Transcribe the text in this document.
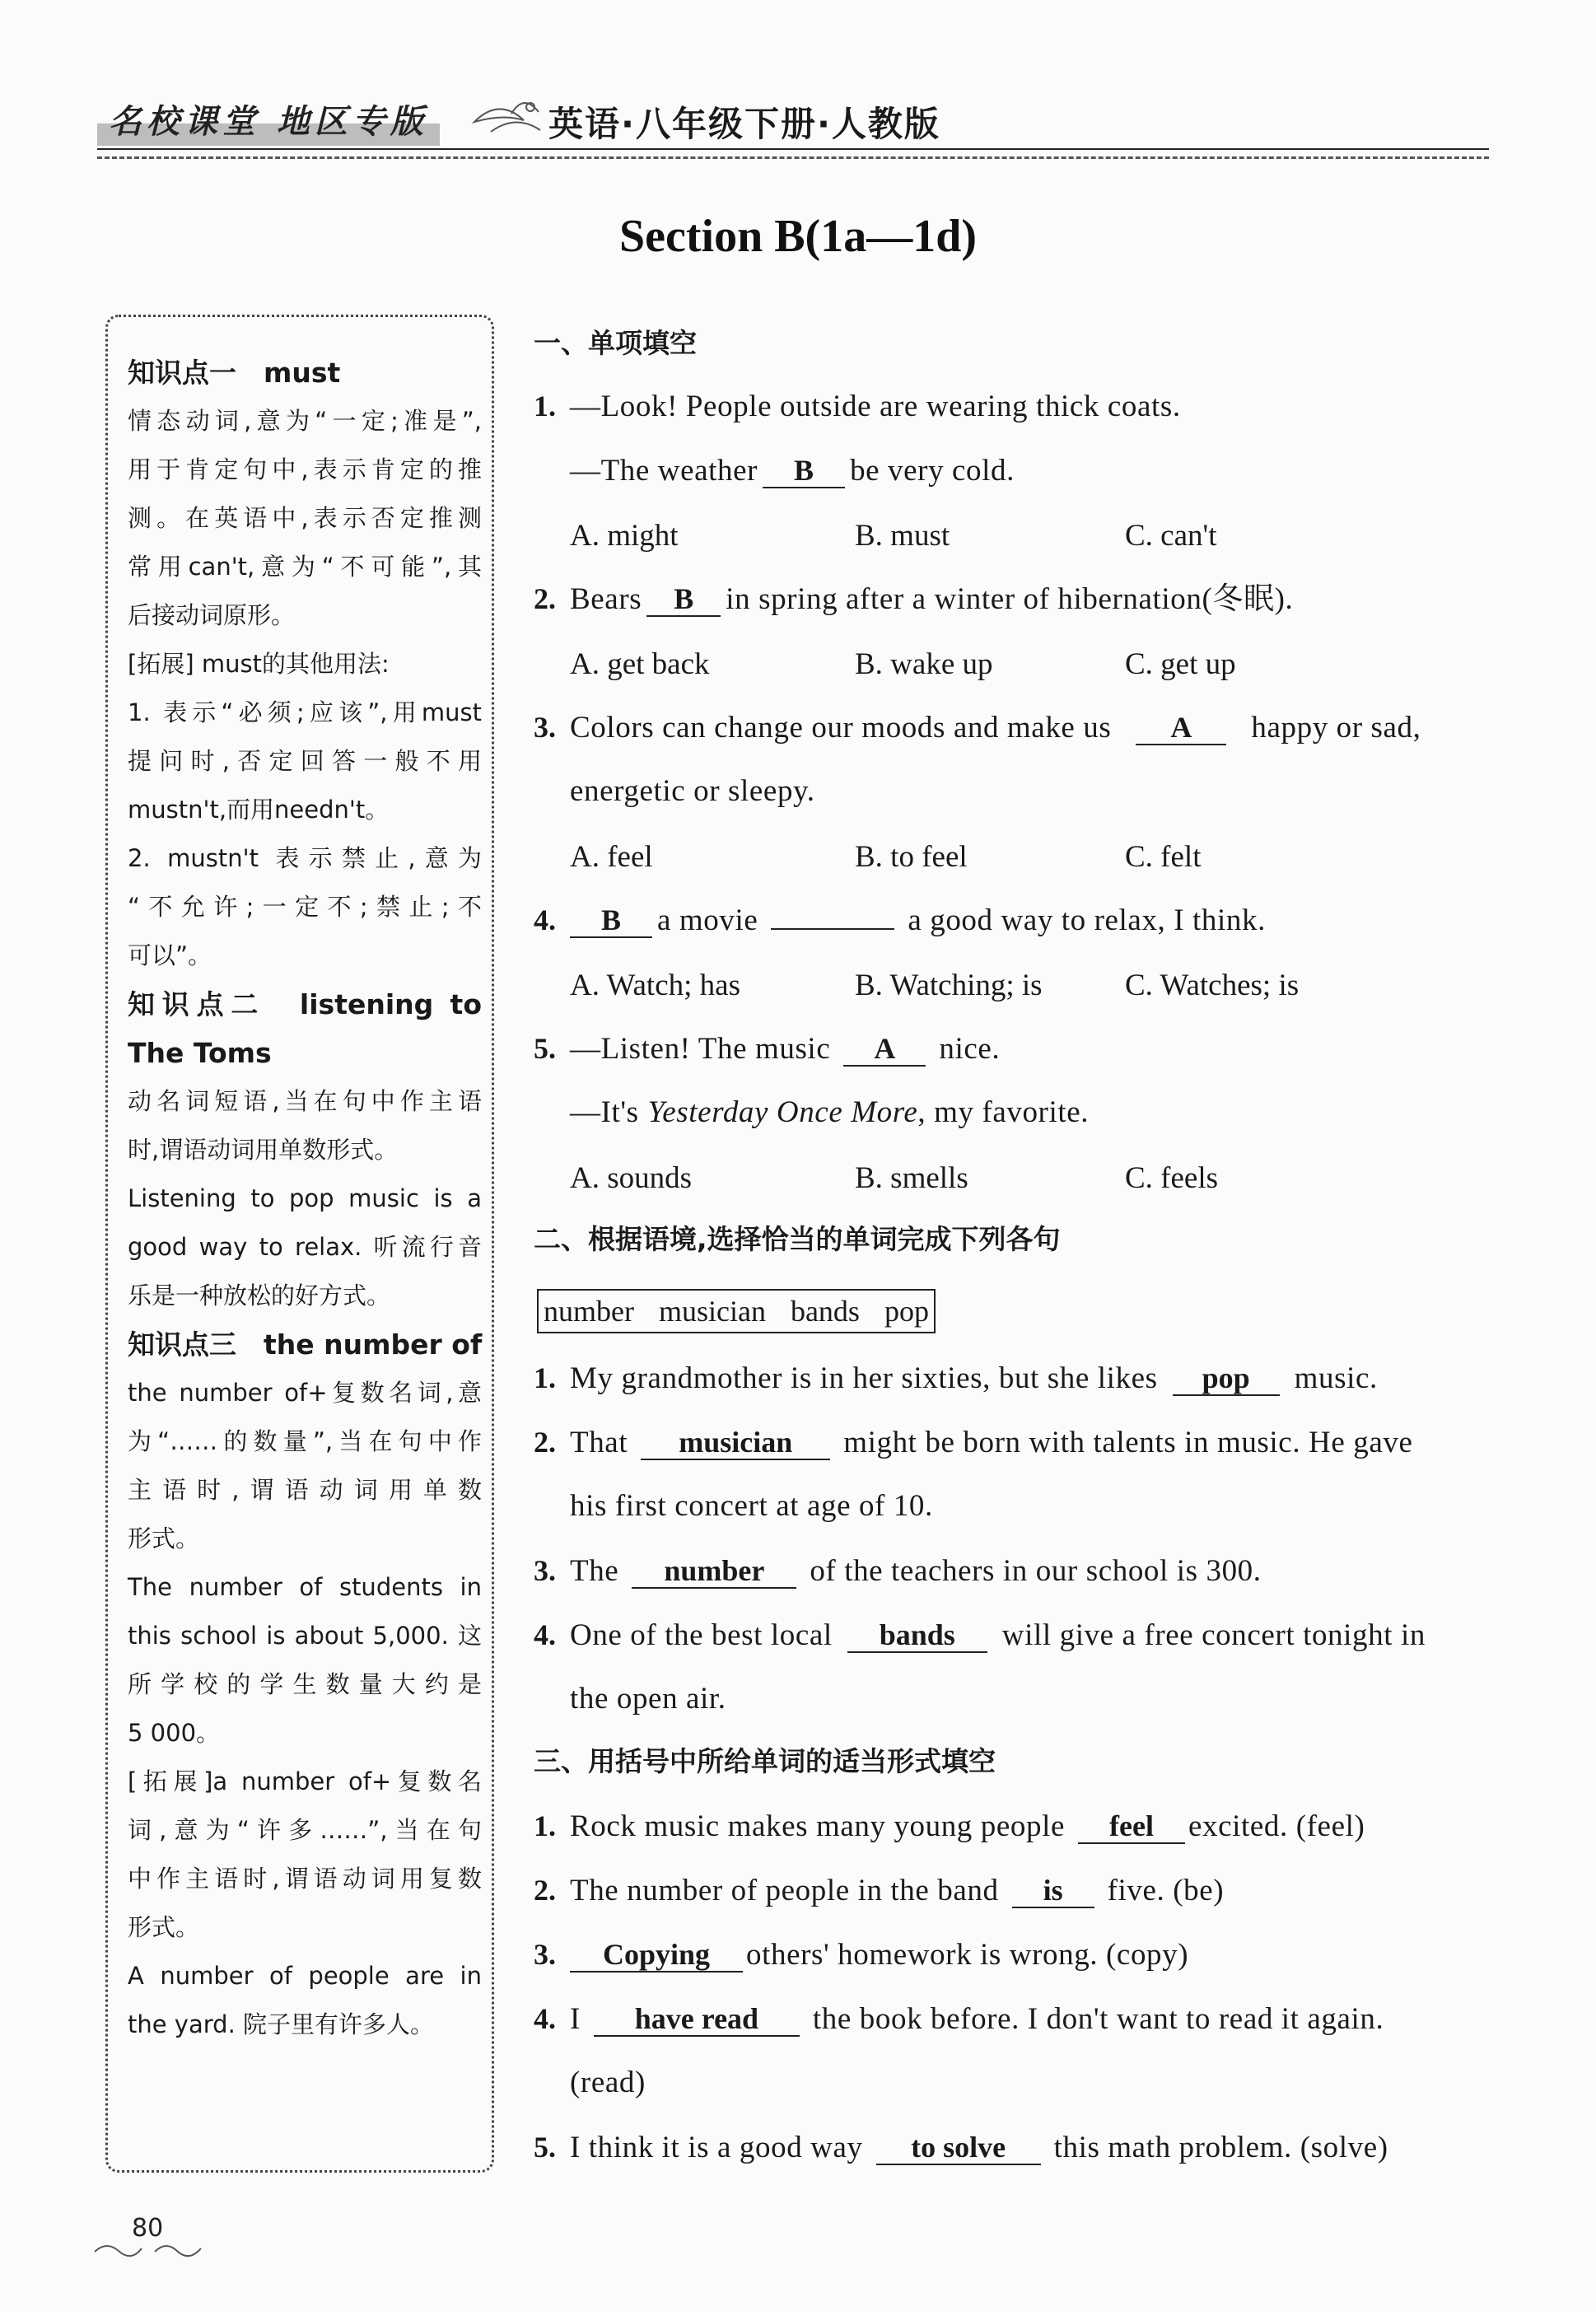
名校课堂 地区专版	英语·八年级下册·人教版
Section B(1a—1d)
知识点一　must
情态动词,意为“一定;准是”,
用于肯定句中,表示肯定的推
测。在英语中,表示否定推测
常用can't,意为“不可能”,其
后接动词原形。
[拓展] must的其他用法:
1. 表示“必须;应该”,用must
提问时,否定回答一般不用
mustn't,而用needn't。
2. mustn't 表示禁止,意为
“不允许;一定不;禁止;不
可以”。
知识点二　listening to
The Toms
动名词短语,当在句中作主语
时,谓语动词用单数形式。
Listening to pop music is a
good way to relax. 听流行音
乐是一种放松的好方式。
知识点三　the number of
the number of+复数名词,意
为“……的数量”,当在句中作
主语时,谓语动词用单数
形式。
The number of students in
this school is about 5,000. 这
所学校的学生数量大约是
5 000。
[拓展]a number of+复数名
词,意为“许多……”,当在句
中作主语时,谓语动词用复数
形式。
A number of people are in
the yard. 院子里有许多人。
一、单项填空
1. —Look! People outside are wearing thick coats.
—The weather B be very cold.
A. might	B. must	C. can't
2. Bears B in spring after a winter of hibernation(冬眠).
A. get back	B. wake up	C. get up
3. Colors can change our moods and make us A happy or sad,
energetic or sleepy.
A. feel	B. to feel	C. felt
4. B a movie	a good way to relax, I think.
A. Watch; has	B. Watching; is	C. Watches; is
5. —Listen! The music A nice.
—It's Yesterday Once More, my favorite.
A. sounds	B. smells	C. feels
二、根据语境,选择恰当的单词完成下列各句
number musician bands pop
1. My grandmother is in her sixties, but she likes pop music.
2. That musician might be born with talents in music. He gave
his first concert at age of 10.
3. The number of the teachers in our school is 300.
4. One of the best local bands will give a free concert tonight in
the open air.
三、用括号中所给单词的适当形式填空
1. Rock music makes many young people feel excited. (feel)
2. The number of people in the band is five. (be)
3. Copying others' homework is wrong. (copy)
4. I have read the book before. I don't want to read it again.
(read)
5. I think it is a good way to solve this math problem. (solve)
80
